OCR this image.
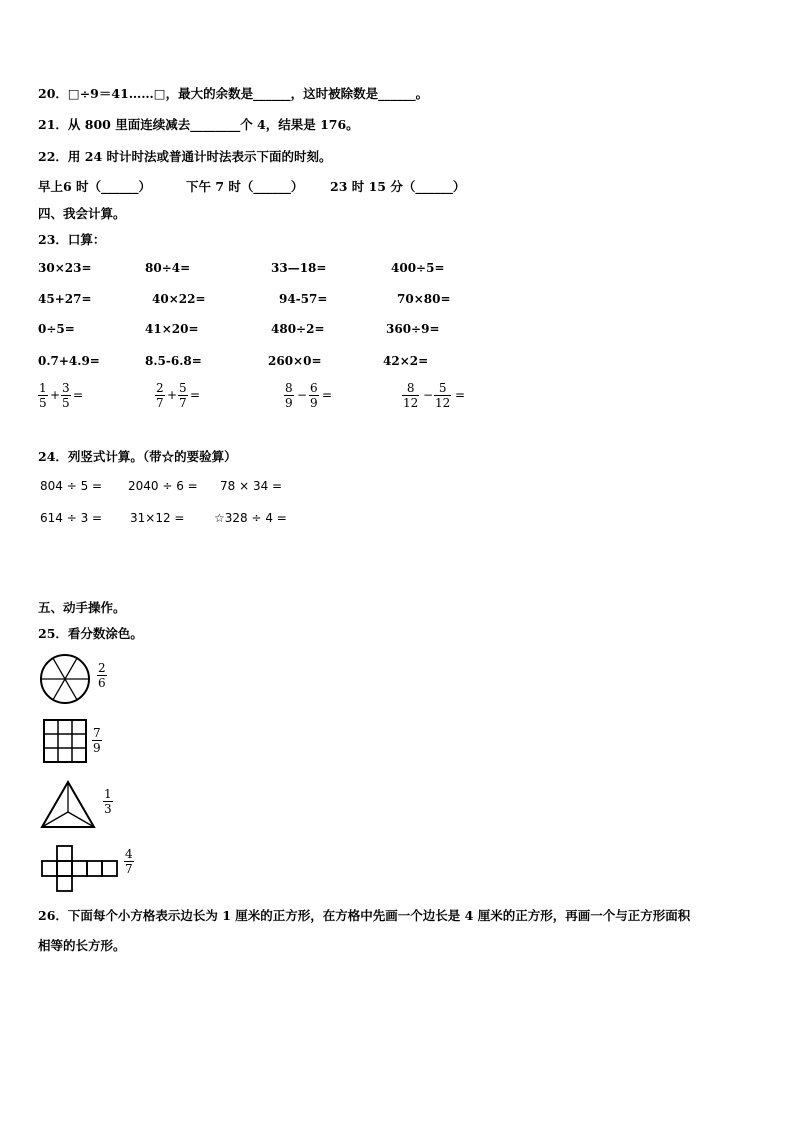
20．□÷9＝41……□，最大的余数是______，这时被除数是______。
21．从 800 里面连续减去________个 4，结果是 176。
22．用 24 时计时法或普通计时法表示下面的时刻。
早上6 时（______）	下午 7 时（______） 23 时 15 分（______）
四、我会计算。
23．口算：
30×23=	80÷4=	33—18=	400÷5=
45+27=	40×22=	94-57=	70×80=
0÷5=	41×20=	480÷2=	360÷9=
0.7+4.9=	8.5-6.8=	260×0=	42×2=
1
5
+ 3
5
=	2
7
+ 5
7
=	8
9
− 6
9
=	8
12
− 5
12
=
24．列竖式计算。（带☆的要验算）
804 ÷ 5 = 2040 ÷ 6 = 78 × 34 =
614 ÷ 3 = 31×12 = ☆328 ÷ 4 =
五、动手操作。
25．看分数涂色。
2
6
7
9
1
3
4
7
26．下面每个小方格表示边长为 1 厘米的正方形，在方格中先画一个边长是 4 厘米的正方形，再画一个与正方形面积
相等的长方形。
